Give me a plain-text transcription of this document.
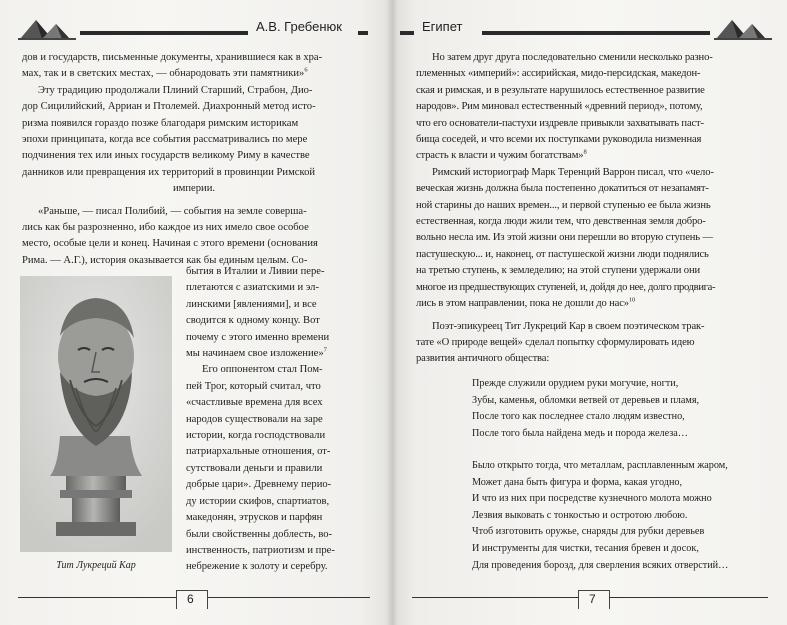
А.В. Гребенюк

дов и государств, письменные документы, хранившиеся как в хра-

мах, так и в светских местах, — обнародовать эти памятники»$^6$

Эту традицию продолжали Плиний Старший, Страбон, Дио-

дор Сицилийский, Арриан и Птолемей. Диахронный метод исто-

ризма появился гораздо позже благодаря римским историкам

эпохи принципата, когда все события рассматривались по мере

подчинения тех или иных государств великому Риму в качестве

данников или превращения их территорий в провинции Римской

империи.

«Раньше, — писал Полибий, — события на земле соверша-

лись как бы разрозненно, ибо каждое из них имело свое особое

место, особые цели и конец. Начиная с этого времени (основания

Рима. — А.Г.), история оказывается как бы единым целым. Со-

бытия в Италии и Ливии пере-

плетаются с азиатскими и эл-

линскими [явлениями], и все

сводится к одному концу. Вот

почему с этого именно времени

мы начинаем свое изложение»$^7$

Его оппонентом стал Пом-

пей Трог, который считал, что

«счастливые времена для всех

народов существовали на заре

истории, когда господствовали

патриархальные отношения, от-

сутствовали деньги и правили

добрые цари». Древнему перио-

ду истории скифов, спартиатов,

македонян, этрусков и парфян

были свойственны доблесть, во-

инственность, патриотизм и пре-

небрежение к золоту и серебру.

Тит Лукреций Кар
6
Египет

Но затем друг друга последовательно сменили несколько разно-

племенных «империй»: ассирийская, мидо-персидская, македон-

ская и римская, и в результате нарушилось естественное развитие

народов». Рим миновал естественный «древний период», потому,

что его основатели-пастухи издревле привыкли захватывать паст-

бища соседей, и что всеми их поступками руководила низменная

страсть к власти и чужим богатствам»$^8$

Римский историограф Марк Теренций Варрон писал, что «чело-

веческая жизнь должна была постепенно докатиться от незапамят-

ной старины до наших времен..., и первой ступенью ее была жизнь

естественная, когда люди жили тем, что девственная земля добро-

вольно несла им. Из этой жизни они перешли во вторую ступень —

пастушескую... и, наконец, от пастушеской жизни люди поднялись

на третью ступень, к земледелию; на этой ступени удержали они

многое из предшествующих ступеней, и, дойдя до нее, долго продвига-

лись в этом направлении, пока не дошли до нас»$^{10}$

Поэт-эпикуреец Тит Лукреций Кар в своем поэтическом трак-

тате «О природе вещей» сделал попытку сформулировать идею

развития античного общества:

Прежде служили орудием руки могучие, ногти,
Зубы, каменья, обломки ветвей от деревьев и пламя,
После того как последнее стало людям известно,
После того была найдена медь и порода железа…
Было открыто тогда, что металлам, расплавленным жаром,
Может дана быть фигура и форма, какая угодно,
И что из них при посредстве кузнечного молота можно
Лезвия выковать с тонкостью и остротою любою.
Чтоб изготовить оружье, снаряды для рубки деревьев
И инструменты для чистки, тесания бревен и досок,
Для проведения борозд, для сверления всяких отверстий…
7
